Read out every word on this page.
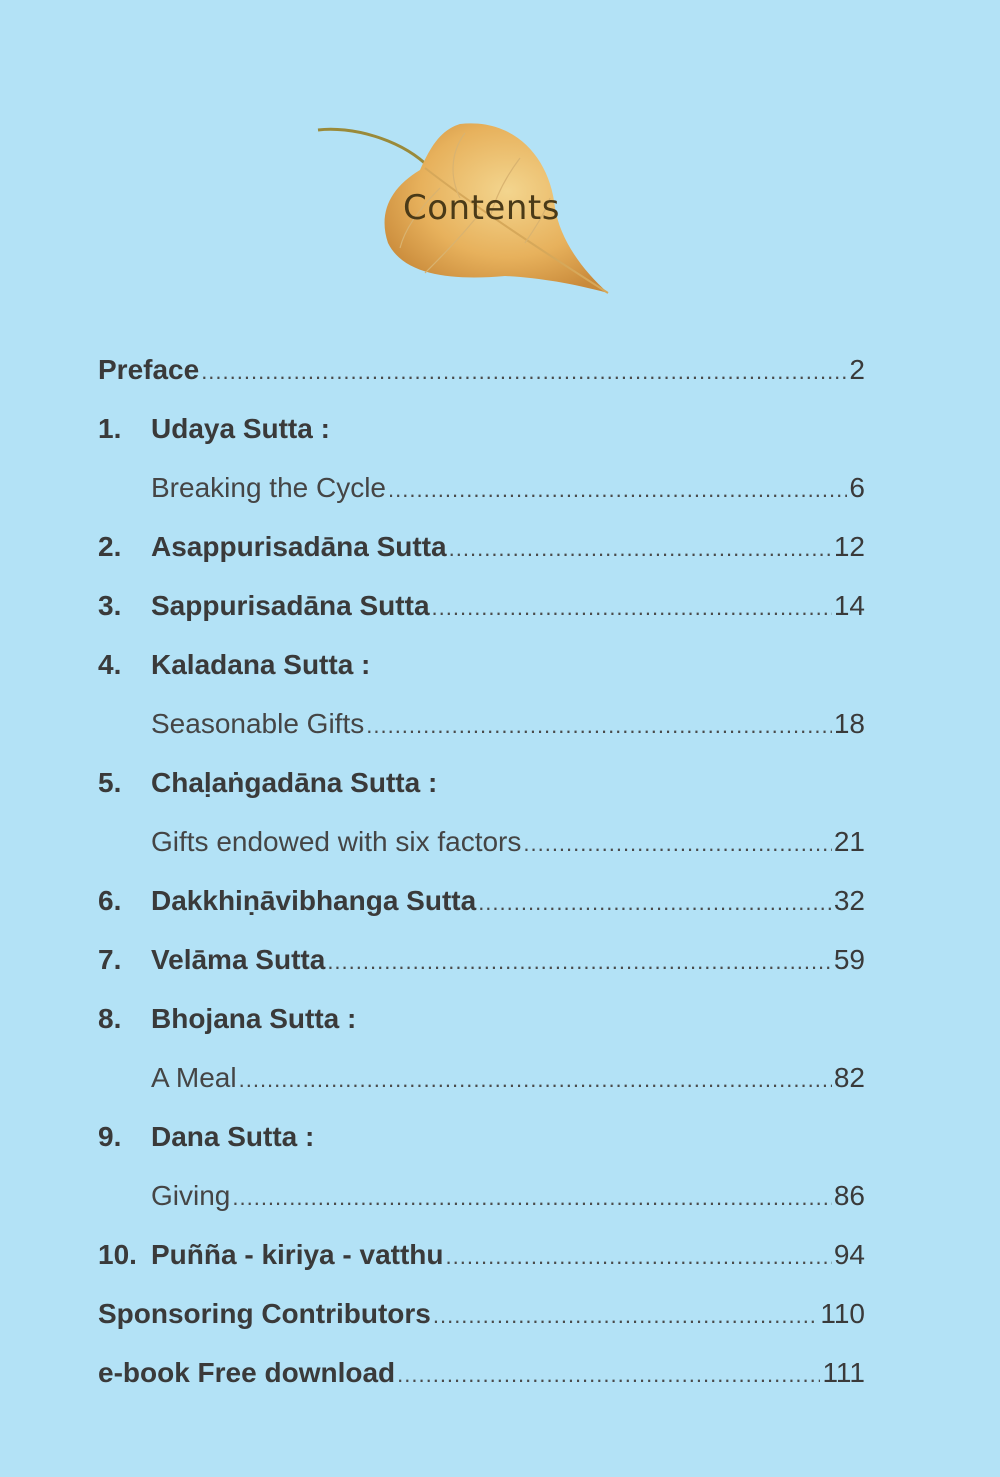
Contents
Preface .....	2
1.	Udaya Sutta :
Breaking the Cycle .....	6
2.	Asappurisadāna Sutta .....	12
3.	Sappurisadāna Sutta .....	14
4.	Kaladana Sutta :
Seasonable Gifts .....	18
5.	Chaḷaṅgadāna Sutta :
Gifts endowed with six factors .....	21
6.	Dakkhiṇāvibhanga Sutta .....	32
7.	Velāma Sutta .....	59
8.	Bhojana Sutta :
A Meal .....	82
9.	Dana Sutta :
Giving .....	86
10. Puñña - kiriya - vatthu .....	94
Sponsoring Contributors .....	110
e-book Free download .....	111
